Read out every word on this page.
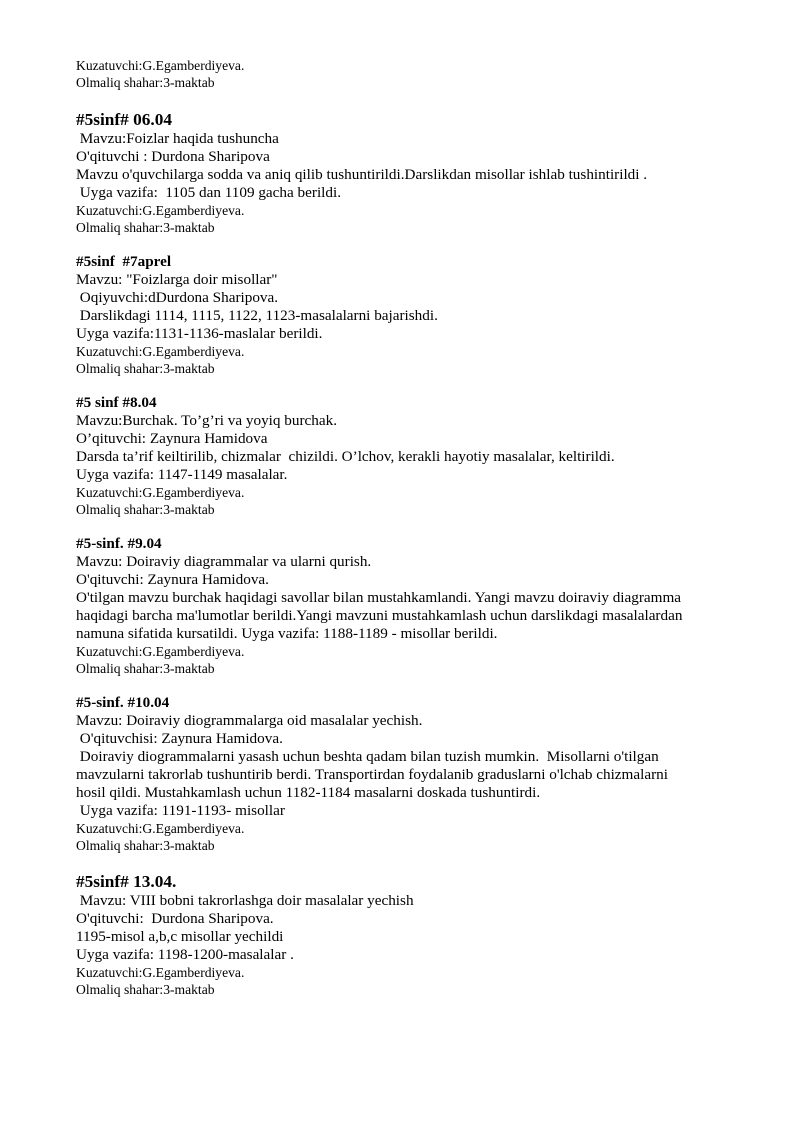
Kuzatuvchi:G.Egamberdiyeva.
Olmaliq shahar:3-maktab
#5sinf# 06.04
Mavzu:Foizlar haqida tushuncha
O'qituvchi : Durdona Sharipova
Mavzu o'quvchilarga sodda va aniq qilib tushuntirildi.Darslikdan misollar ishlab tushintirildi .
Uyga vazifa:  1105 dan 1109 gacha berildi.
Kuzatuvchi:G.Egamberdiyeva.
Olmaliq shahar:3-maktab
#5sinf  #7aprel
Mavzu: "Foizlarga doir misollar"
Oqiyuvchi:dDurdona Sharipova.
Darslikdagi 1114, 1115, 1122, 1123-masalalarni bajarishdi.
Uyga vazifa:1131-1136-maslalar berildi.
Kuzatuvchi:G.Egamberdiyeva.
Olmaliq shahar:3-maktab
#5 sinf #8.04
Mavzu:Burchak. To’g’ri va yoyiq burchak.
O’qituvchi: Zaynura Hamidova
Darsda ta’rif keiltirilib, chizmalar  chizildi. O’lchov, kerakli hayotiy masalalar, keltirildi.
Uyga vazifa: 1147-1149 masalalar.
Kuzatuvchi:G.Egamberdiyeva.
Olmaliq shahar:3-maktab
#5-sinf. #9.04
Mavzu: Doiraviy diagrammalar va ularni qurish.
O'qituvchi: Zaynura Hamidova.
O'tilgan mavzu burchak haqidagi savollar bilan mustahkamlandi. Yangi mavzu doiraviy diagramma
haqidagi barcha ma'lumotlar berildi.Yangi mavzuni mustahkamlash uchun darslikdagi masalalardan
namuna sifatida kursatildi. Uyga vazifa: 1188-1189 - misollar berildi.
Kuzatuvchi:G.Egamberdiyeva.
Olmaliq shahar:3-maktab
#5-sinf. #10.04
Mavzu: Doiraviy diogrammalarga oid masalalar yechish.
O'qituvchisi: Zaynura Hamidova.
Doiraviy diogrammalarni yasash uchun beshta qadam bilan tuzish mumkin.  Misollarni o'tilgan
mavzularni takrorlab tushuntirib berdi. Transportirdan foydalanib graduslarni o'lchab chizmalarni
hosil qildi. Mustahkamlash uchun 1182-1184 masalarni doskada tushuntirdi.
Uyga vazifa: 1191-1193- misollar
Kuzatuvchi:G.Egamberdiyeva.
Olmaliq shahar:3-maktab
#5sinf# 13.04.
Mavzu: VIII bobni takrorlashga doir masalalar yechish
O'qituvchi:  Durdona Sharipova.
1195-misol a,b,c misollar yechildi
Uyga vazifa: 1198-1200-masalalar .
Kuzatuvchi:G.Egamberdiyeva.
Olmaliq shahar:3-maktab
